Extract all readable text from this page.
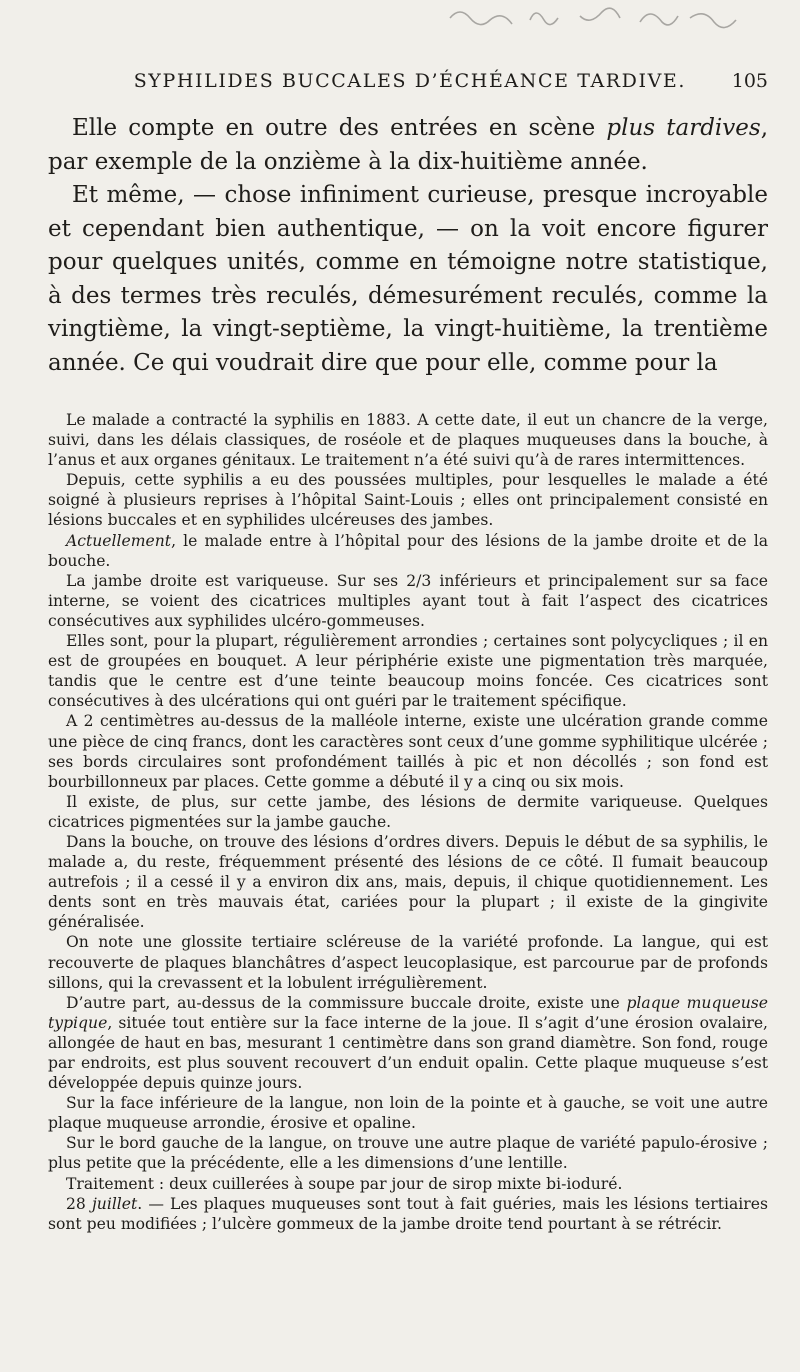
SYPHILIDES BUCCALES D’ÉCHÉANCE TARDIVE.	105

Elle compte en outre des entrées en scène plus tardives, par exemple de la onzième à la dix-huitième année.

Et même, — chose infiniment curieuse, presque incroyable et cependant bien authentique, — on la voit encore figurer pour quelques unités, comme en témoigne notre statistique, à des termes très reculés, démesurément reculés, comme la vingtième, la vingt-septième, la vingt-huitième, la trentième année. Ce qui voudrait dire que pour elle, comme pour la

Le malade a contracté la syphilis en 1883. A cette date, il eut un chancre de la verge, suivi, dans les délais classiques, de roséole et de plaques muqueuses dans la bouche, à l’anus et aux organes génitaux. Le traitement n’a été suivi qu’à de rares intermittences.

Depuis, cette syphilis a eu des poussées multiples, pour lesquelles le malade a été soigné à plusieurs reprises à l’hôpital Saint-Louis ; elles ont principalement consisté en lésions buccales et en syphilides ulcéreuses des jambes.

Actuellement, le malade entre à l’hôpital pour des lésions de la jambe droite et de la bouche.

La jambe droite est variqueuse. Sur ses 2/3 inférieurs et principalement sur sa face interne, se voient des cicatrices multiples ayant tout à fait l’aspect des cicatrices consécutives aux syphilides ulcéro-gommeuses.

Elles sont, pour la plupart, régulièrement arrondies ; certaines sont polycycliques ; il en est de groupées en bouquet. A leur périphérie existe une pigmentation très marquée, tandis que le centre est d’une teinte beaucoup moins foncée. Ces cicatrices sont consécutives à des ulcérations qui ont guéri par le traitement spécifique.

A 2 centimètres au-dessus de la malléole interne, existe une ulcération grande comme une pièce de cinq francs, dont les caractères sont ceux d’une gomme syphilitique ulcérée ; ses bords circulaires sont profondément taillés à pic et non décollés ; son fond est bourbillonneux par places. Cette gomme a débuté il y a cinq ou six mois.

Il existe, de plus, sur cette jambe, des lésions de dermite variqueuse. Quelques cicatrices pigmentées sur la jambe gauche.

Dans la bouche, on trouve des lésions d’ordres divers. Depuis le début de sa syphilis, le malade a, du reste, fréquemment présenté des lésions de ce côté. Il fumait beaucoup autrefois ; il a cessé il y a environ dix ans, mais, depuis, il chique quotidiennement. Les dents sont en très mauvais état, cariées pour la plupart ; il existe de la gingivite généralisée.

On note une glossite tertiaire scléreuse de la variété profonde. La langue, qui est recouverte de plaques blanchâtres d’aspect leucoplasique, est parcourue par de profonds sillons, qui la crevassent et la lobulent irrégulièrement.

D’autre part, au-dessus de la commissure buccale droite, existe une plaque muqueuse typique, située tout entière sur la face interne de la joue. Il s’agit d’une érosion ovalaire, allongée de haut en bas, mesurant 1 centimètre dans son grand diamètre. Son fond, rouge par endroits, est plus souvent recouvert d’un enduit opalin. Cette plaque muqueuse s’est développée depuis quinze jours.

Sur la face inférieure de la langue, non loin de la pointe et à gauche, se voit une autre plaque muqueuse arrondie, érosive et opaline.

Sur le bord gauche de la langue, on trouve une autre plaque de variété papulo-érosive ; plus petite que la précédente, elle a les dimensions d’une lentille.

Traitement : deux cuillerées à soupe par jour de sirop mixte bi-ioduré.

28 juillet. — Les plaques muqueuses sont tout à fait guéries, mais les lésions tertiaires sont peu modifiées ; l’ulcère gommeux de la jambe droite tend pourtant à se rétrécir.
